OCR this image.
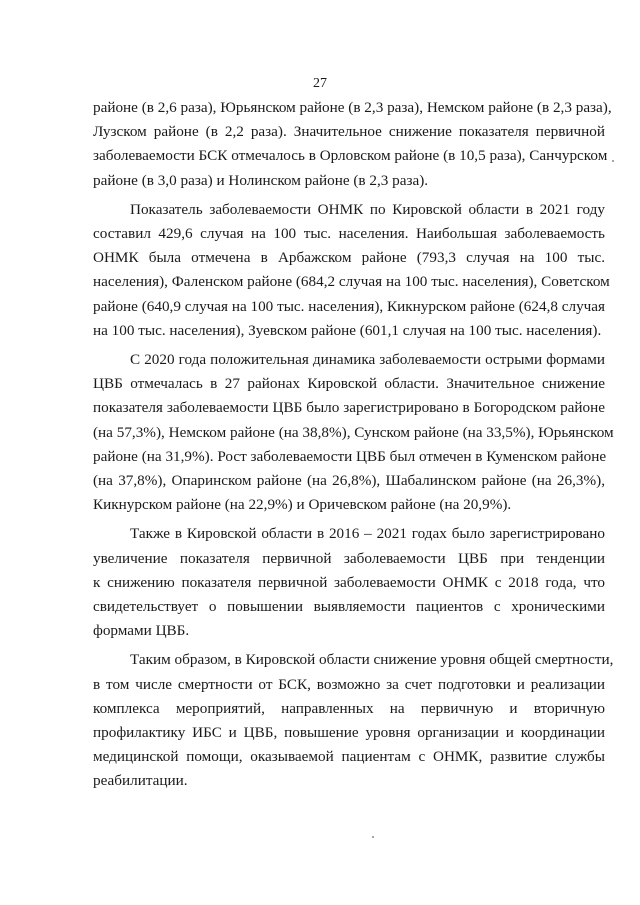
27

районе (в 2,6 раза), Юрьянском районе (в 2,3 раза), Немском районе (в 2,3 раза),
Лузском районе (в 2,2 раза). Значительное снижение показателя первичной
заболеваемости БСК отмечалось в Орловском районе (в 10,5 раза), Санчурском
районе (в 3,0 раза) и Нолинском районе (в 2,3 раза).

Показатель заболеваемости ОНМК по Кировской области в 2021 году
составил 429,6 случая на 100 тыс. населения. Наибольшая заболеваемость
ОНМК была отмечена в Арбажском районе (793,3 случая на 100 тыс.
населения), Фаленском районе (684,2 случая на 100 тыс. населения), Советском
районе (640,9 случая на 100 тыс. населения), Кикнурском районе (624,8 случая
на 100 тыс. населения), Зуевском районе (601,1 случая на 100 тыс. населения).

С 2020 года положительная динамика заболеваемости острыми формами
ЦВБ отмечалась в 27 районах Кировской области. Значительное снижение
показателя заболеваемости ЦВБ было зарегистрировано в Богородском районе
(на 57,3%), Немском районе (на 38,8%), Сунском районе (на 33,5%), Юрьянском
районе (на 31,9%). Рост заболеваемости ЦВБ был отмечен в Куменском районе
(на 37,8%), Опаринском районе (на 26,8%), Шабалинском районе (на 26,3%),
Кикнурском районе (на 22,9%) и Оричевском районе (на 20,9%).

Также в Кировской области в 2016 – 2021 годах было зарегистрировано
увеличение показателя первичной заболеваемости ЦВБ при тенденции
к снижению показателя первичной заболеваемости ОНМК с 2018 года, что
свидетельствует о повышении выявляемости пациентов с хроническими
формами ЦВБ.

Таким образом, в Кировской области снижение уровня общей смертности,
в том числе смертности от БСК, возможно за счет подготовки и реализации
комплекса мероприятий, направленных на первичную и вторичную
профилактику ИБС и ЦВБ, повышение уровня организации и координации
медицинской помощи, оказываемой пациентам с ОНМК, развитие службы
реабилитации.
